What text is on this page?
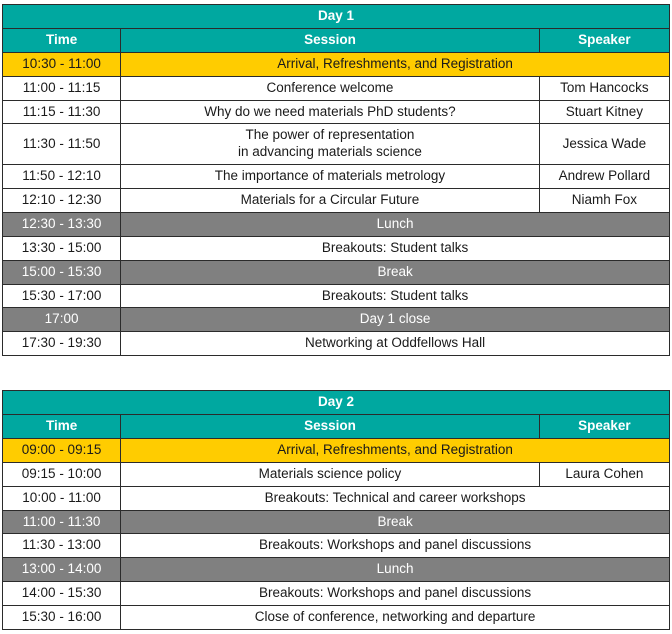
Day 1		
Time	Session	Speaker
10:30 - 11:00	Arrival, Refreshments, and Registration	
11:00 - 11:15	Conference welcome	Tom Hancocks
11:15 - 11:30	Why do we need materials PhD students?	Stuart Kitney
11:30 - 11:50	The power of representation
in advancing materials science	Jessica Wade
11:50 - 12:10	The importance of materials metrology	Andrew Pollard
12:10 - 12:30	Materials for a Circular Future	Niamh Fox
12:30 - 13:30	Lunch	
13:30 - 15:00	Breakouts: Student talks	
15:00 - 15:30	Break	
15:30 - 17:00	Breakouts: Student talks	
17:00	Day 1 close	
17:30 - 19:30	Networking at Oddfellows Hall	
Day 2		
Time	Session	Speaker
09:00 - 09:15	Arrival, Refreshments, and Registration	
09:15 - 10:00	Materials science policy	Laura Cohen
10:00 - 11:00	Breakouts: Technical and career workshops	
11:00 - 11:30	Break	
11:30 - 13:00	Breakouts: Workshops and panel discussions	
13:00 - 14:00	Lunch	
14:00 - 15:30	Breakouts: Workshops and panel discussions	
15:30 - 16:00	Close of conference, networking and departure	
